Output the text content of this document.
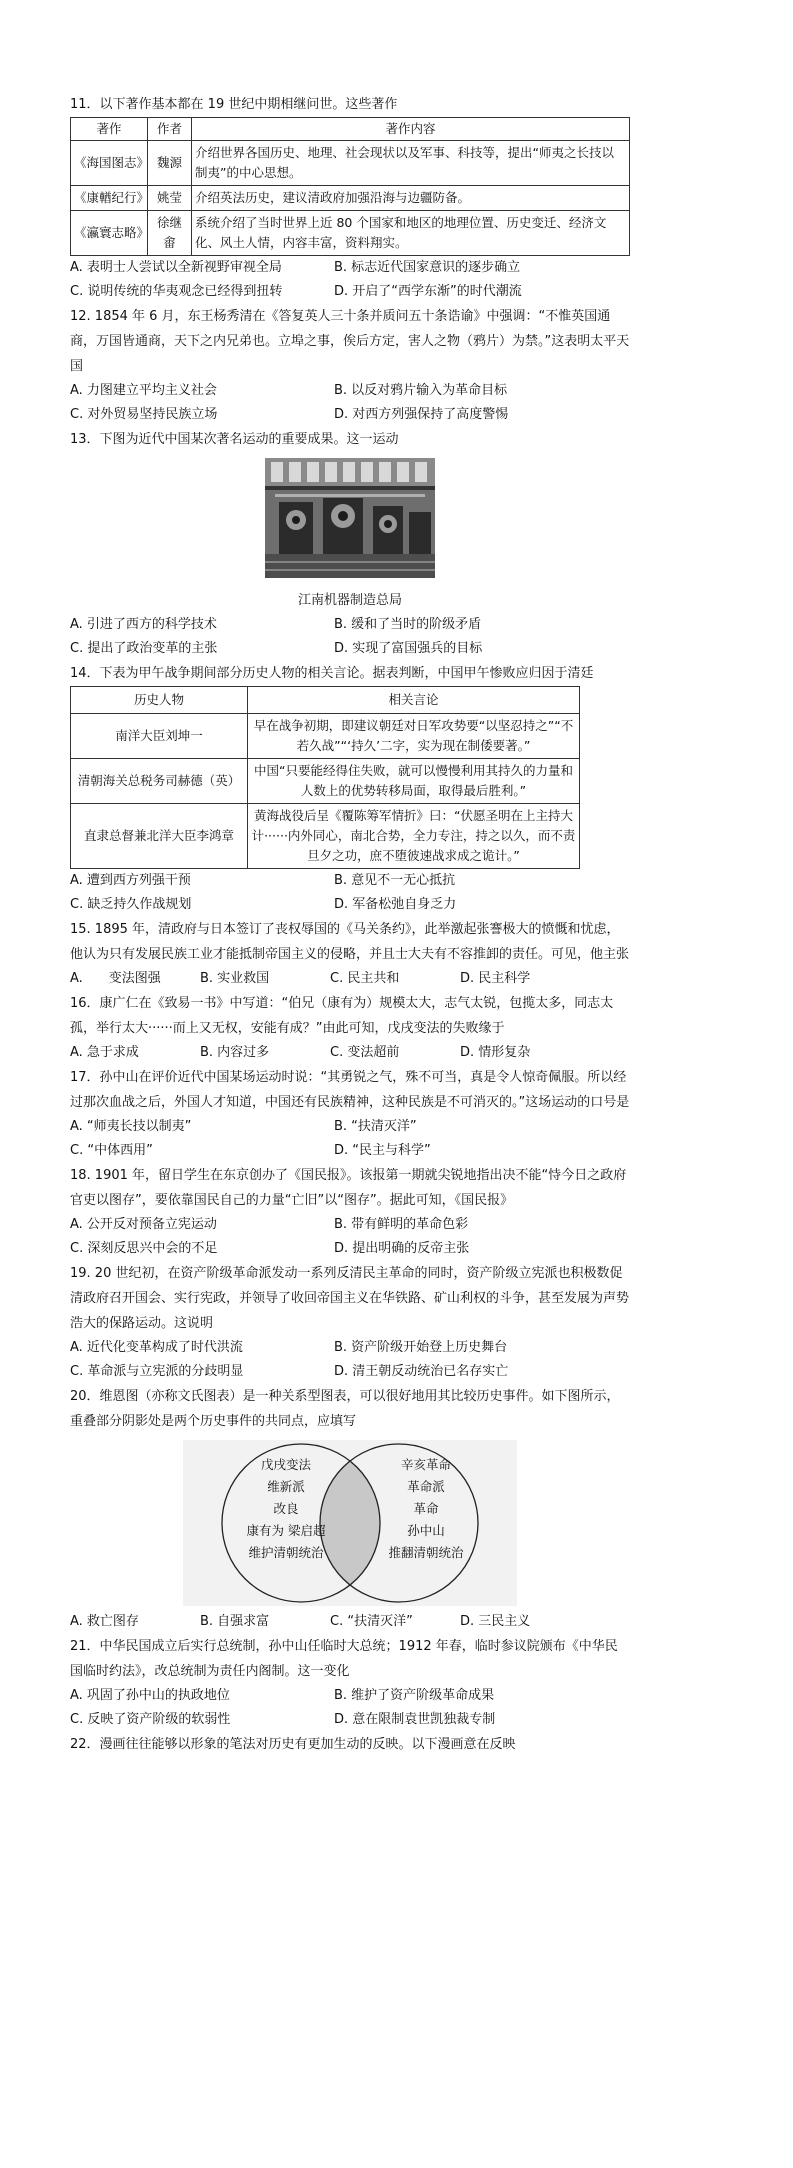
11．以下著作基本都在 19 世纪中期相继问世。这些著作
著作	作者	著作内容
《海国图志》	魏源	介绍世界各国历史、地理、社会现状以及军事、科技等，提出“师夷之长技以制夷”的中心思想。
《康輶纪行》	姚莹	介绍英法历史，建议清政府加强沿海与边疆防备。
《瀛寰志略》	徐继畬	系统介绍了当时世界上近 80 个国家和地区的地理位置、历史变迁、经济文化、风土人情，内容丰富，资料翔实。
A. 表明士人尝试以全新视野审视全局	B. 标志近代国家意识的逐步确立
C. 说明传统的华夷观念已经得到扭转	D. 开启了“西学东渐”的时代潮流
12. 1854 年 6 月，东王杨秀清在《答复英人三十条并质问五十条诰谕》中强调：“不惟英国通商，万国皆通商，天下之内兄弟也。立埠之事，俟后方定，害人之物（鸦片）为禁。”这表明太平天国
A. 力图建立平均主义社会	B. 以反对鸦片输入为革命目标
C. 对外贸易坚持民族立场	D. 对西方列强保持了高度警惕
13．下图为近代中国某次著名运动的重要成果。这一运动
江南机器制造总局
A. 引进了西方的科学技术	B. 缓和了当时的阶级矛盾
C. 提出了政治变革的主张	D. 实现了富国强兵的目标
14．下表为甲午战争期间部分历史人物的相关言论。据表判断，中国甲午惨败应归因于清廷
历史人物	相关言论
南洋大臣刘坤一	早在战争初期，即建议朝廷对日军攻势要“以坚忍持之”“不若久战”“‘持久’二字，实为现在制倭要著。”
清朝海关总税务司赫德（英）	中国“只要能经得住失败，就可以慢慢利用其持久的力量和人数上的优势转移局面，取得最后胜利。”
直隶总督兼北洋大臣李鸿章	黄海战役后呈《覆陈筹军情折》曰：“伏愿圣明在上主持大计······内外同心，南北合势，全力专注，持之以久，而不责旦夕之功，庶不堕彼速战求成之诡计。”
A. 遭到西方列强干预	B. 意见不一无心抵抗
C. 缺乏持久作战规划	D. 军备松弛自身乏力
15. 1895 年，清政府与日本签订了丧权辱国的《马关条约》，此举激起张謇极大的愤慨和忧虑，他认为只有发展民族工业才能抵制帝国主义的侵略，并且士大夫有不容推卸的责任。可见，他主张
A.　　变法图强	B. 实业救国	C. 民主共和	D. 民主科学
16．康广仁在《致易一书》中写道：“伯兄（康有为）规模太大，志气太锐，包揽太多，同志太孤，举行太大······而上又无权，安能有成？”由此可知，戊戌变法的失败缘于
A. 急于求成	B. 内容过多	C. 变法超前	D. 情形复杂
17．孙中山在评价近代中国某场运动时说：“其勇锐之气，殊不可当，真是令人惊奇佩服。所以经过那次血战之后，外国人才知道，中国还有民族精神，这种民族是不可消灭的。”这场运动的口号是
A. “师夷长技以制夷”	B. “扶清灭洋”
C. “中体西用”	D. “民主与科学”
18. 1901 年，留日学生在东京创办了《国民报》。该报第一期就尖锐地指出决不能“恃今日之政府官吏以图存”，要依靠国民自己的力量“亡旧”以“图存”。据此可知，《国民报》
A. 公开反对预备立宪运动	B. 带有鲜明的革命色彩
C. 深刻反思兴中会的不足	D. 提出明确的反帝主张
19. 20 世纪初，在资产阶级革命派发动一系列反清民主革命的同时，资产阶级立宪派也积极数促清政府召开国会、实行宪政，并领导了收回帝国主义在华铁路、矿山利权的斗争，甚至发展为声势浩大的保路运动。这说明
A. 近代化变革构成了时代洪流	B. 资产阶级开始登上历史舞台
C. 革命派与立宪派的分歧明显	D. 清王朝反动统治已名存实亡
20．维恩图（亦称文氏图表）是一种关系型图表，可以很好地用其比较历史事件。如下图所示，重叠部分阴影处是两个历史事件的共同点，应填写
戊戌变法
维新派
改良
康有为 梁启超
维护清朝统治
辛亥革命
革命派
革命
孙中山
推翻清朝统治
A. 救亡图存	B. 自强求富	C. “扶清灭洋”	D. 三民主义
21．中华民国成立后实行总统制，孙中山任临时大总统；1912 年春，临时参议院颁布《中华民国临时约法》，改总统制为责任内阁制。这一变化
A. 巩固了孙中山的执政地位	B. 维护了资产阶级革命成果
C. 反映了资产阶级的软弱性	D. 意在限制袁世凯独裁专制
22．漫画往往能够以形象的笔法对历史有更加生动的反映。以下漫画意在反映
